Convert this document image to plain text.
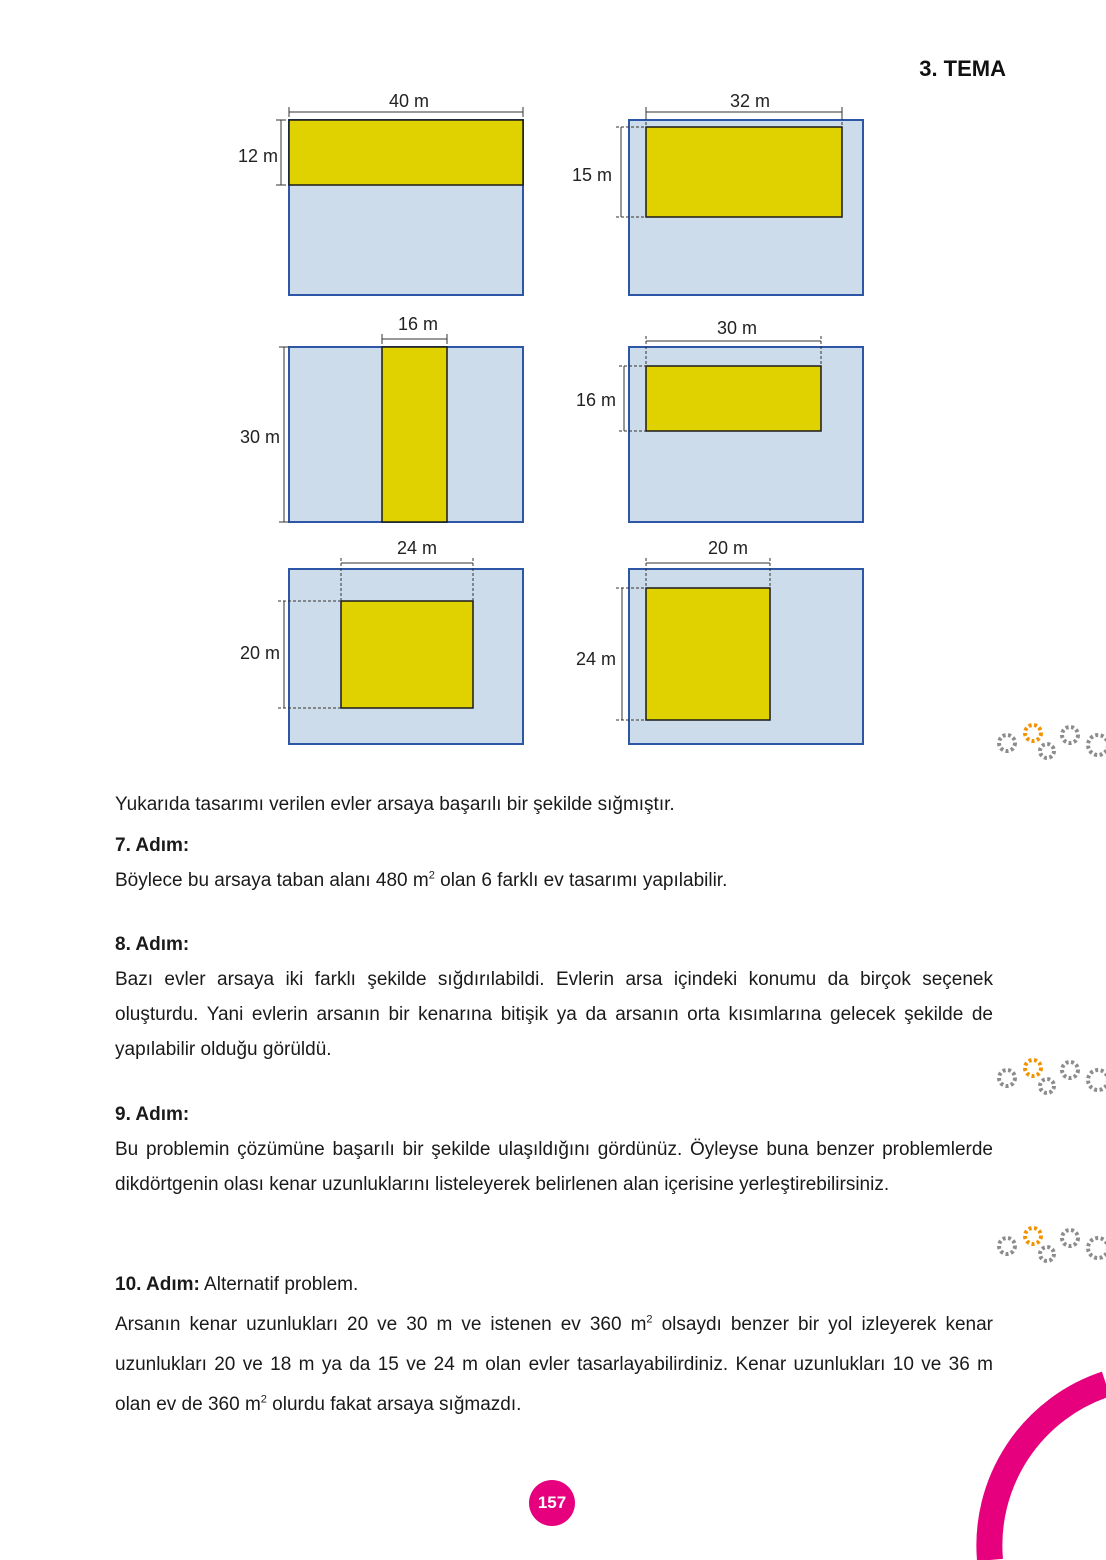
3. TEMA
40 m
12 m
32 m
15 m
16 m
30 m
30 m
16 m
24 m
20 m
20 m
24 m
Yukarıda tasarımı verilen evler arsaya başarılı bir şekilde sığmıştır.
7. Adım:
Böylece bu arsaya taban alanı 480 $m^2$ olan 6 farklı ev tasarımı yapılabilir.
8. Adım:
Bazı evler arsaya iki farklı şekilde sığdırılabildi. Evlerin arsa içindeki konumu da birçok seçenek oluşturdu. Yani evlerin arsanın bir kenarına bitişik ya da arsanın orta kısımlarına gelecek şekilde de yapılabilir olduğu görüldü.
9. Adım:
Bu problemin çözümüne başarılı bir şekilde ulaşıldığını gördünüz. Öyleyse buna benzer problemlerde dikdörtgenin olası kenar uzunluklarını listeleyerek belirlenen alan içerisine yerleştirebilirsiniz.
10. Adım: Alternatif problem.
Arsanın kenar uzunlukları 20 ve 30 m ve istenen ev 360 $m^2$ olsaydı benzer bir yol izleyerek kenar uzunlukları 20 ve 18 m ya da 15 ve 24 m olan evler tasarlayabilirdiniz. Kenar uzunlukları 10 ve 36 m olan ev de 360 $m^2$ olurdu fakat arsaya sığmazdı.
157
